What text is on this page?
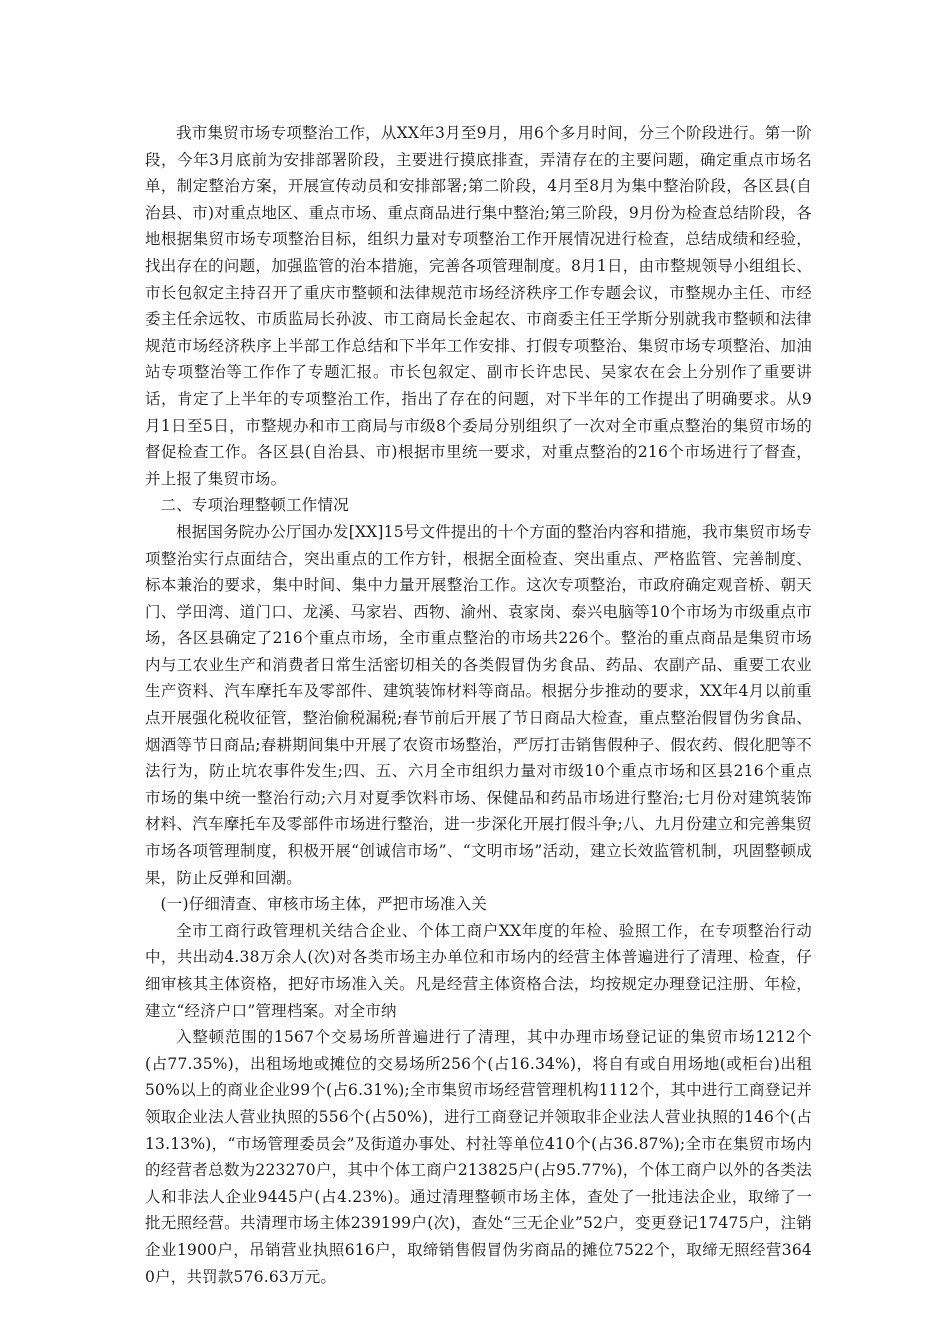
我市集贸市场专项整治工作，从XX年3月至9月，用6个多月时间，分三个阶段进行。第一阶段，今年3月底前为安排部署阶段，主要进行摸底排查，弄清存在的主要问题，确定重点市场名单，制定整治方案，开展宣传动员和安排部署;第二阶段，4月至8月为集中整治阶段，各区县(自治县、市)对重点地区、重点市场、重点商品进行集中整治;第三阶段，9月份为检查总结阶段，各地根据集贸市场专项整治目标，组织力量对专项整治工作开展情况进行检查，总结成绩和经验，找出存在的问题，加强监管的治本措施，完善各项管理制度。8月1日，由市整规领导小组组长、市长包叙定主持召开了重庆市整顿和法律规范市场经济秩序工作专题会议，市整规办主任、市经委主任余远牧、市质监局长孙波、市工商局长金起农、市商委主任王学斯分别就我市整顿和法律规范市场经济秩序上半部工作总结和下半年工作安排、打假专项整治、集贸市场专项整治、加油站专项整治等工作作了专题汇报。市长包叙定、副市长许忠民、吴家农在会上分别作了重要讲话，肯定了上半年的专项整治工作，指出了存在的问题，对下半年的工作提出了明确要求。从9月1日至5日，市整规办和市工商局与市级8个委局分别组织了一次对全市重点整治的集贸市场的督促检查工作。各区县(自治县、市)根据市里统一要求，对重点整治的216个市场进行了督查，并上报了集贸市场。

二、专项治理整顿工作情况

根据国务院办公厅国办发[XX]15号文件提出的十个方面的整治内容和措施，我市集贸市场专项整治实行点面结合，突出重点的工作方针，根据全面检查、突出重点、严格监管、完善制度、标本兼治的要求，集中时间、集中力量开展整治工作。这次专项整治，市政府确定观音桥、朝天门、学田湾、道门口、龙溪、马家岩、西物、渝州、袁家岗、泰兴电脑等10个市场为市级重点市场，各区县确定了216个重点市场，全市重点整治的市场共226个。整治的重点商品是集贸市场内与工农业生产和消费者日常生活密切相关的各类假冒伪劣食品、药品、农副产品、重要工农业生产资料、汽车摩托车及零部件、建筑装饰材料等商品。根据分步推动的要求，XX年4月以前重点开展强化税收征管，整治偷税漏税;春节前后开展了节日商品大检查，重点整治假冒伪劣食品、烟酒等节日商品;春耕期间集中开展了农资市场整治，严厉打击销售假种子、假农药、假化肥等不法行为，防止坑农事件发生;四、五、六月全市组织力量对市级10个重点市场和区县216个重点市场的集中统一整治行动;六月对夏季饮料市场、保健品和药品市场进行整治;七月份对建筑装饰材料、汽车摩托车及零部件市场进行整治，进一步深化开展打假斗争;八、九月份建立和完善集贸市场各项管理制度，积极开展“创诚信市场”、“文明市场”活动，建立长效监管机制，巩固整顿成果，防止反弹和回潮。

(一)仔细清查、审核市场主体，严把市场准入关

全市工商行政管理机关结合企业、个体工商户XX年度的年检、验照工作，在专项整治行动中，共出动4.38万余人(次)对各类市场主办单位和市场内的经营主体普遍进行了清理、检查，仔细审核其主体资格，把好市场准入关。凡是经营主体资格合法，均按规定办理登记注册、年检，建立“经济户口”管理档案。对全市纳

入整顿范围的1567个交易场所普遍进行了清理，其中办理市场登记证的集贸市场1212个(占77.35%)，出租场地或摊位的交易场所256个(占16.34%)，将自有或自用场地(或柜台)出租50%以上的商业企业99个(占6.31%);全市集贸市场经营管理机构1112个，其中进行工商登记并领取企业法人营业执照的556个(占50%)，进行工商登记并领取非企业法人营业执照的146个(占13.13%)，“市场管理委员会”及街道办事处、村社等单位410个(占36.87%);全市在集贸市场内的经营者总数为223270户，其中个体工商户213825户(占95.77%)，个体工商户以外的各类法人和非法人企业9445户(占4.23%)。通过清理整顿市场主体，查处了一批违法企业，取缔了一批无照经营。共清理市场主体239199户(次)，查处“三无企业”52户，变更登记17475户，注销企业1900户，吊销营业执照616户，取缔销售假冒伪劣商品的摊位7522个，取缔无照经营3640户，共罚款576.63万元。
